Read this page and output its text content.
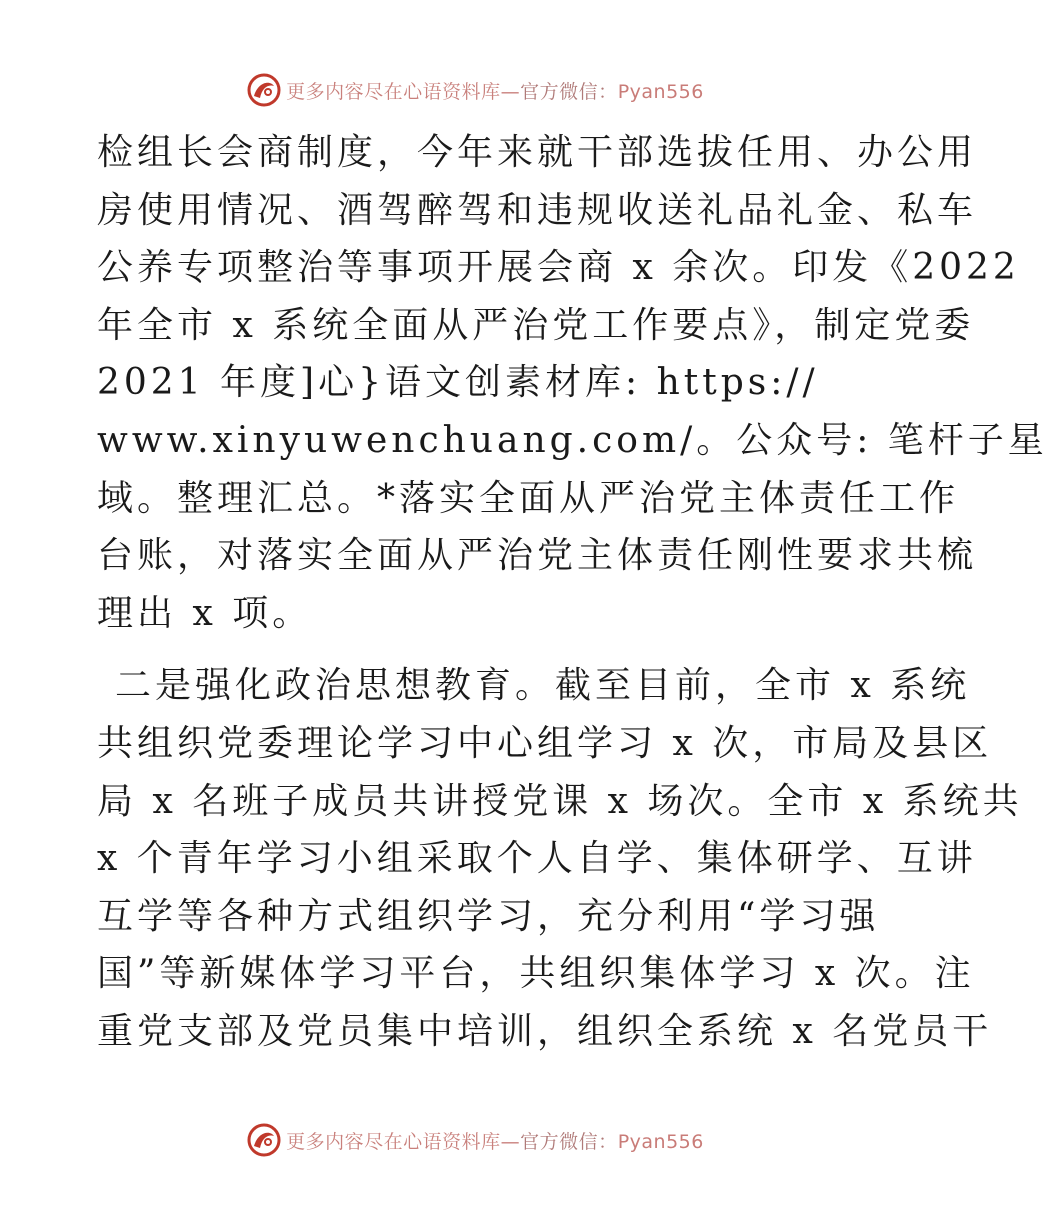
更多内容尽在心语资料库—官方微信：Pyan556
检组长会商制度，今年来就干部选拔任用、办公用
房使用情况、酒驾醉驾和违规收送礼品礼金、私车
公养专项整治等事项开展会商 x 余次。印发《2022
年全市 x 系统全面从严治党工作要点》，制定党委
2021 年度]心}语文创素材库: https://
www.xinyuwenchuang.com/。公众号: 笔杆子星
域。整理汇总。*落实全面从严治党主体责任工作
台账，对落实全面从严治党主体责任刚性要求共梳
理出 x 项。
二是强化政治思想教育。截至目前，全市 x 系统
共组织党委理论学习中心组学习 x 次，市局及县区
局 x 名班子成员共讲授党课 x 场次。全市 x 系统共
x 个青年学习小组采取个人自学、集体研学、互讲
互学等各种方式组织学习，充分利用“学习强
国”等新媒体学习平台，共组织集体学习 x 次。注
重党支部及党员集中培训，组织全系统 x 名党员干
更多内容尽在心语资料库—官方微信：Pyan556
